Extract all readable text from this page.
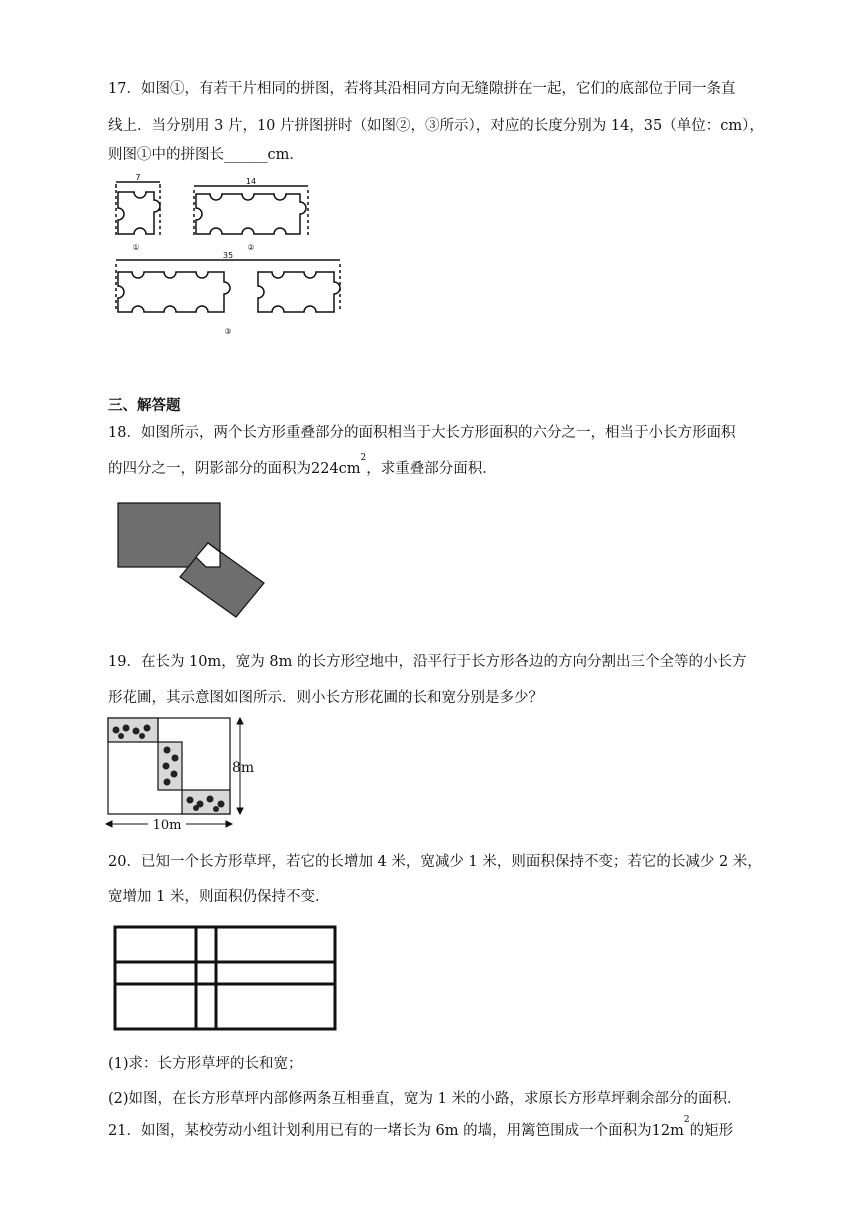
17．如图①，有若干片相同的拼图，若将其沿相同方向无缝隙拼在一起，它们的底部位于同一条直
线上．当分别用 3 片，10 片拼图拼时（如图②，③所示），对应的长度分别为 14，35（单位：cm），
则图①中的拼图长______cm．
7	14
35
①	②
③
三、解答题
18．如图所示，两个长方形重叠部分的面积相当于大长方形面积的六分之一，相当于小长方形面积
的四分之一，阴影部分的面积为$224cm^2$，求重叠部分面积．
19．在长为 10m，宽为 8m 的长方形空地中，沿平行于长方形各边的方向分割出三个全等的小长方
形花圃，其示意图如图所示．则小长方形花圃的长和宽分别是多少？
8m
10m
20．已知一个长方形草坪，若它的长增加 4 米，宽减少 1 米，则面积保持不变；若它的长减少 2 米，
宽增加 1 米，则面积仍保持不变．
(1)求：长方形草坪的长和宽；
(2)如图，在长方形草坪内部修两条互相垂直，宽为 1 米的小路，求原长方形草坪剩余部分的面积．
21．如图，某校劳动小组计划利用已有的一堵长为 6m 的墙，用篱笆围成一个面积为$12m^2$的矩形
